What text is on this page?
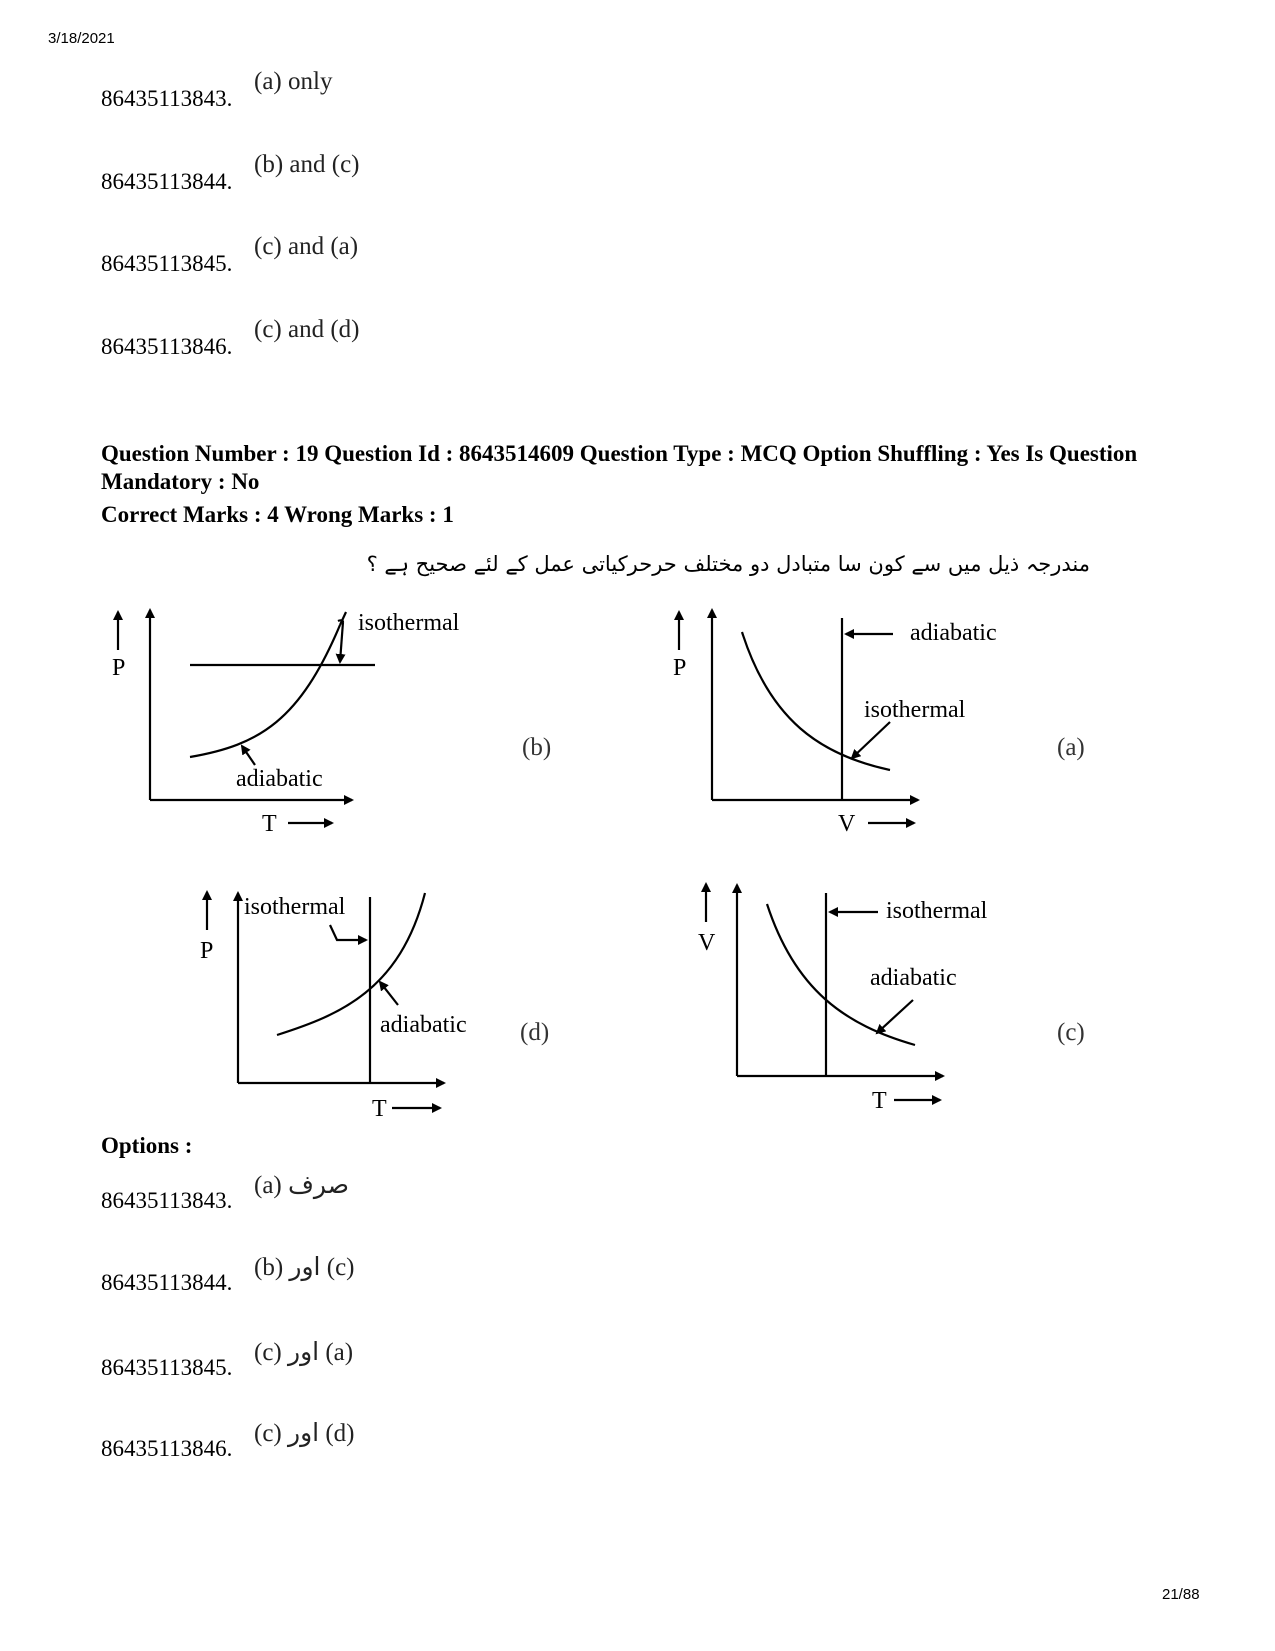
3/18/2021
86435113843.
(a) only
86435113844.
(b) and (c)
86435113845.
(c) and (a)
86435113846.
(c) and (d)
Question Number : 19 Question Id : 8643514609 Question Type : MCQ Option Shuffling : Yes Is Question Mandatory : No
Correct Marks : 4 Wrong Marks : 1
مندرجہ ذیل میں سے کون سا متبادل دو مختلف حرحرکیاتی عمل کے لئے صحیح ہے ؟
P
T
isothermal
adiabatic
(b)
P
V
adiabatic
isothermal
(a)
P
T
isothermal
adiabatic (d)
V
T
isothermal
adiabatic
(c)
Options :
86435113843.
(a) صرف
86435113844.
(b) اور (c)
86435113845.
(c) اور (a)
86435113846.
(c) اور (d)
21/88
